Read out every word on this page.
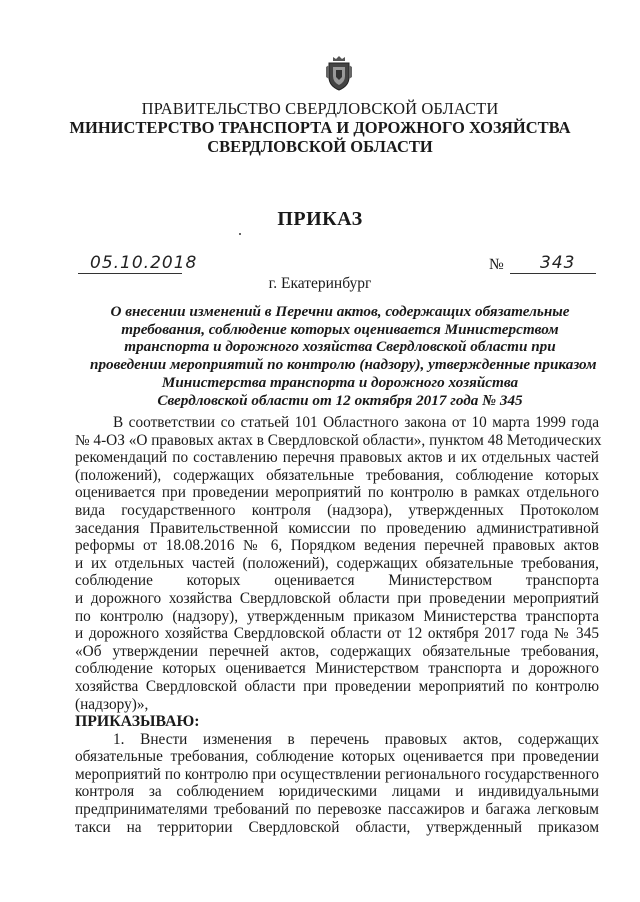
ПРАВИТЕЛЬСТВО СВЕРДЛОВСКОЙ ОБЛАСТИ
МИНИСТЕРСТВО ТРАНСПОРТА И ДОРОЖНОГО ХОЗЯЙСТВА
СВЕРДЛОВСКОЙ ОБЛАСТИ
ПРИКАЗ
05.10.2018	№	343
г. Екатеринбург
О внесении изменений в Перечни актов, содержащих обязательные
требования, соблюдение которых оценивается Министерством
транспорта и дорожного хозяйства Свердловской области при
проведении мероприятий по контролю (надзору), утвержденные приказом
Министерства транспорта и дорожного хозяйства
Свердловской области от 12 октября 2017 года № 345
В соответствии со статьей 101 Областного закона от 10 марта 1999 года
№ 4-ОЗ «О правовых актах в Свердловской области», пунктом 48 Методических
рекомендаций по составлению перечня правовых актов и их отдельных частей
(положений), содержащих обязательные требования, соблюдение которых
оценивается при проведении мероприятий по контролю в рамках отдельного
вида государственного контроля (надзора), утвержденных Протоколом
заседания Правительственной комиссии по проведению административной
реформы от 18.08.2016 № 6, Порядком ведения перечней правовых актов
и их отдельных частей (положений), содержащих обязательные требования,
соблюдение которых оценивается Министерством транспорта
и дорожного хозяйства Свердловской области при проведении мероприятий
по контролю (надзору), утвержденным приказом Министерства транспорта
и дорожного хозяйства Свердловской области от 12 октября 2017 года № 345
«Об утверждении перечней актов, содержащих обязательные требования,
соблюдение которых оценивается Министерством транспорта и дорожного
хозяйства Свердловской области при проведении мероприятий по контролю
(надзору)»,
ПРИКАЗЫВАЮ:
1. Внести изменения в перечень правовых актов, содержащих
обязательные требования, соблюдение которых оценивается при проведении
мероприятий по контролю при осуществлении регионального государственного
контроля за соблюдением юридическими лицами и индивидуальными
предпринимателями требований по перевозке пассажиров и багажа легковым
такси на территории Свердловской области, утвержденный приказом
